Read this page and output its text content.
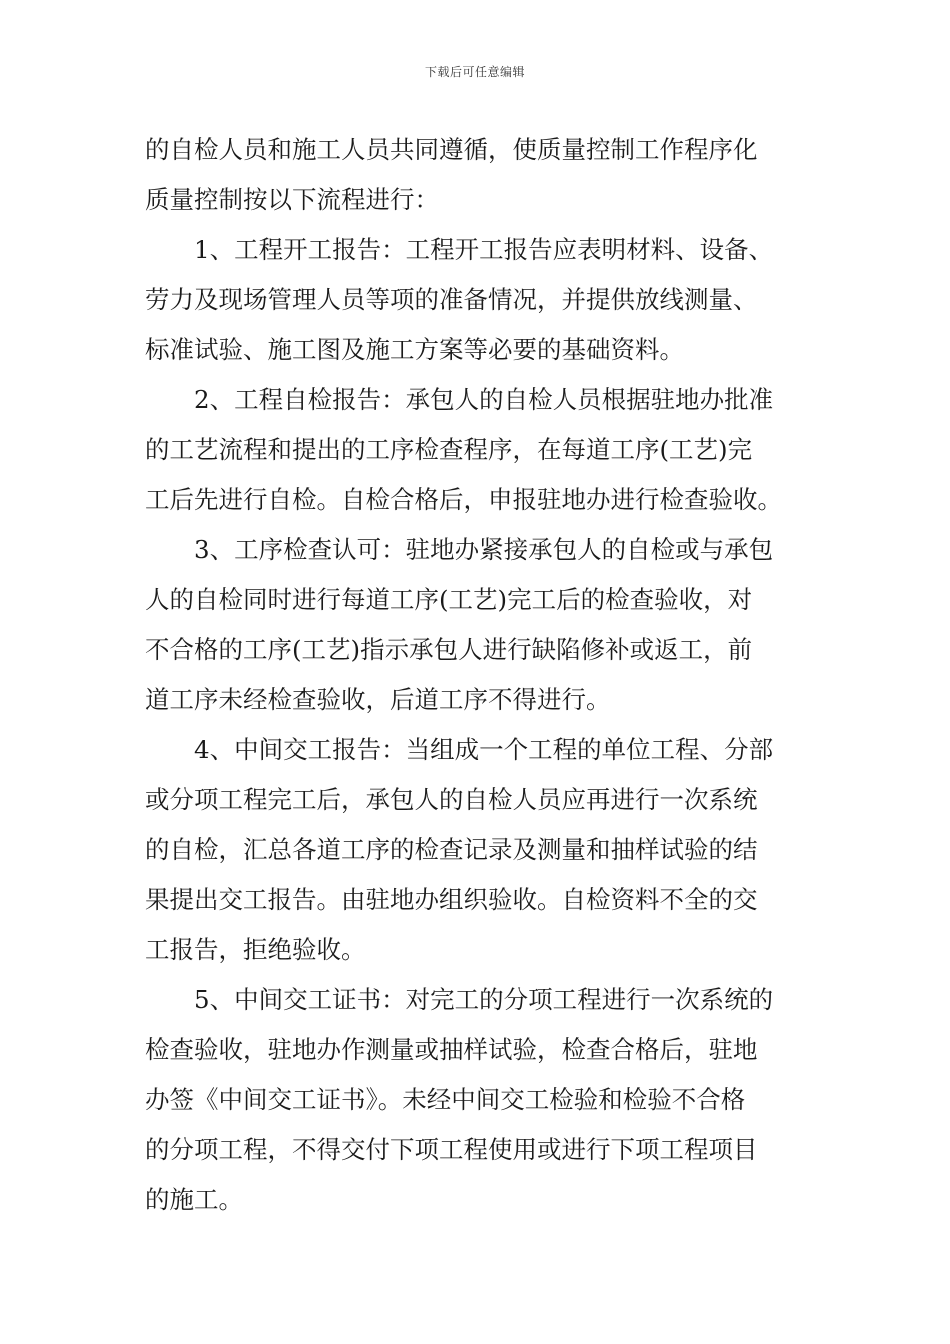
下载后可任意编辑
的自检人员和施工人员共同遵循，使质量控制工作程序化
质量控制按以下流程进行：
1、工程开工报告：工程开工报告应表明材料、设备、
劳力及现场管理人员等项的准备情况，并提供放线测量、
标准试验、施工图及施工方案等必要的基础资料。
2、工程自检报告：承包人的自检人员根据驻地办批准
的工艺流程和提出的工序检查程序，在每道工序(工艺)完
工后先进行自检。自检合格后，申报驻地办进行检查验收。
3、工序检查认可：驻地办紧接承包人的自检或与承包
人的自检同时进行每道工序(工艺)完工后的检查验收，对
不合格的工序(工艺)指示承包人进行缺陷修补或返工，前
道工序未经检查验收，后道工序不得进行。
4、中间交工报告：当组成一个工程的单位工程、分部
或分项工程完工后，承包人的自检人员应再进行一次系统
的自检，汇总各道工序的检查记录及测量和抽样试验的结
果提出交工报告。由驻地办组织验收。自检资料不全的交
工报告，拒绝验收。
5、中间交工证书：对完工的分项工程进行一次系统的
检查验收，驻地办作测量或抽样试验，检查合格后，驻地
办签《中间交工证书》。未经中间交工检验和检验不合格
的分项工程，不得交付下项工程使用或进行下项工程项目
的施工。
